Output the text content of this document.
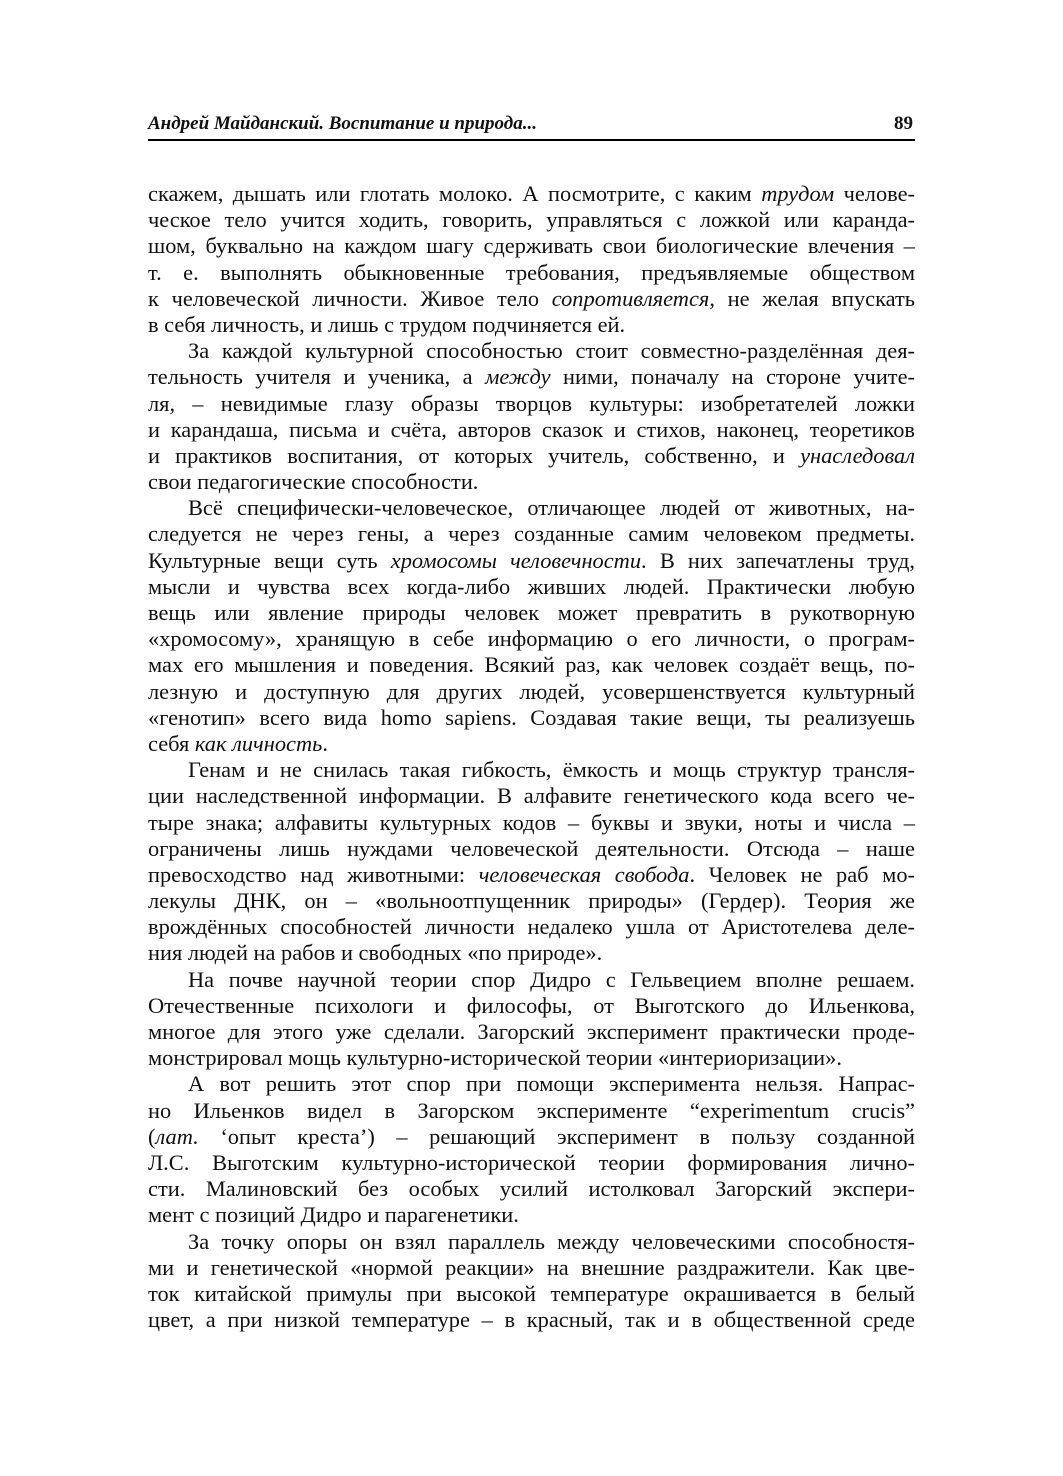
Андрей Майданский. Воспитание и природа...	89
скажем, дышать или глотать молоко. А посмотрите, с каким трудом челове-
ческое тело учится ходить, говорить, управляться с ложкой или каранда-
шом, буквально на каждом шагу сдерживать свои биологические влечения –
т. е. выполнять обыкновенные требования, предъявляемые обществом
к человеческой личности. Живое тело сопротивляется, не желая впускать
в себя личность, и лишь с трудом подчиняется ей.
За каждой культурной способностью стоит совместно-разделённая дея-
тельность учителя и ученика, а между ними, поначалу на стороне учите-
ля, – невидимые глазу образы творцов культуры: изобретателей ложки
и карандаша, письма и счёта, авторов сказок и стихов, наконец, теоретиков
и практиков воспитания, от которых учитель, собственно, и унаследовал
свои педагогические способности.
Всё специфически-человеческое, отличающее людей от животных, на-
следуется не через гены, а через созданные самим человеком предметы.
Культурные вещи суть хромосомы человечности. В них запечатлены труд,
мысли и чувства всех когда-либо живших людей. Практически любую
вещь или явление природы человек может превратить в рукотворную
«хромосому», хранящую в себе информацию о его личности, о програм-
мах его мышления и поведения. Всякий раз, как человек создаёт вещь, по-
лезную и доступную для других людей, усовершенствуется культурный
«генотип» всего вида homo sapiens. Создавая такие вещи, ты реализуешь
себя как личность.
Генам и не снилась такая гибкость, ёмкость и мощь структур трансля-
ции наследственной информации. В алфавите генетического кода всего че-
тыре знака; алфавиты культурных кодов – буквы и звуки, ноты и числа –
ограничены лишь нуждами человеческой деятельности. Отсюда – наше
превосходство над животными: человеческая свобода. Человек не раб мо-
лекулы ДНК, он – «вольноотпущенник природы» (Гердер). Теория же
врождённых способностей личности недалеко ушла от Аристотелева деле-
ния людей на рабов и свободных «по природе».
На почве научной теории спор Дидро с Гельвецием вполне решаем.
Отечественные психологи и философы, от Выготского до Ильенкова,
многое для этого уже сделали. Загорский эксперимент практически проде-
монстрировал мощь культурно-исторической теории «интериоризации».
А вот решить этот спор при помощи эксперимента нельзя. Напрас-
но Ильенков видел в Загорском эксперименте “experimentum crucis”
(лат. ‘опыт креста’) – решающий эксперимент в пользу созданной
Л.С. Выготским культурно-исторической теории формирования лично-
сти. Малиновский без особых усилий истолковал Загорский экспери-
мент с позиций Дидро и парагенетики.
За точку опоры он взял параллель между человеческими способностя-
ми и генетической «нормой реакции» на внешние раздражители. Как цве-
ток китайской примулы при высокой температуре окрашивается в белый
цвет, а при низкой температуре – в красный, так и в общественной среде
